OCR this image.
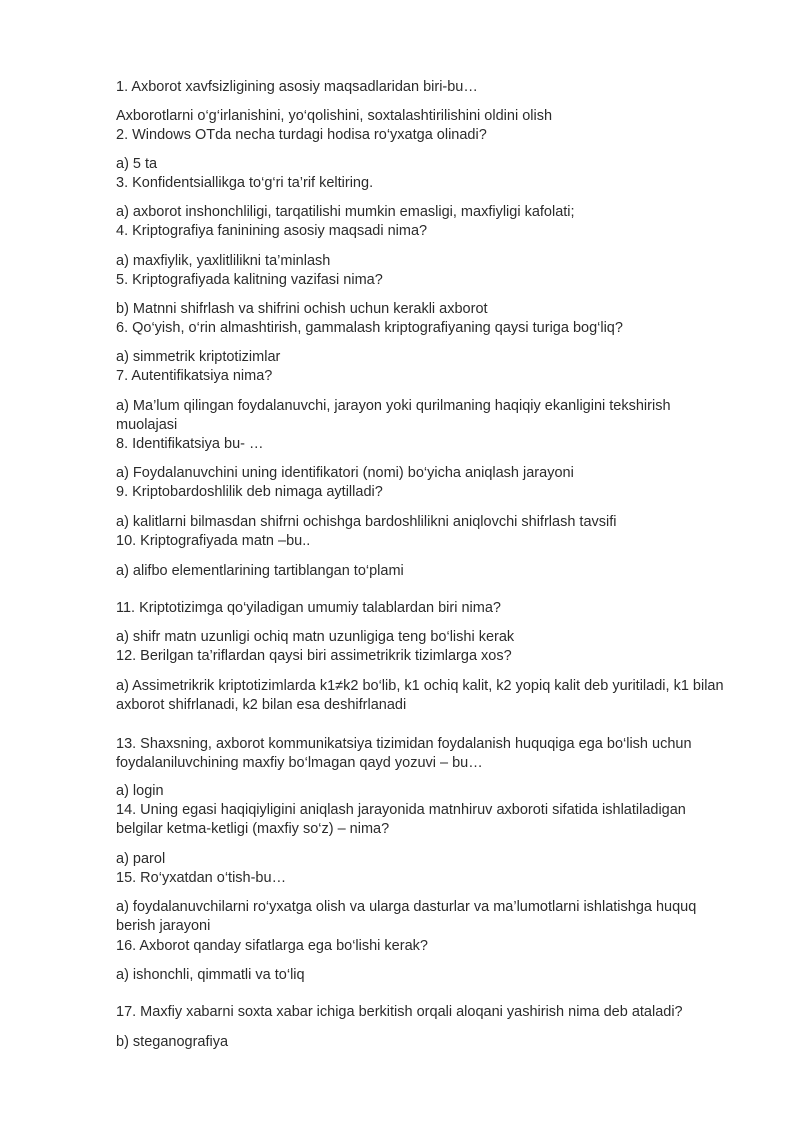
1. Axborot xavfsizligining asosiy maqsadlaridan biri-bu…
Axborotlarni o‘g‘irlanishini, yo‘qolishini, soxtalashtirilishini oldini olish
2. Windows OTda necha turdagi hodisa ro‘yxatga olinadi?
a) 5 ta
3. Konfidentsiallikga to‘g‘ri ta’rif keltiring.
a) axborot inshonchliligi, tarqatilishi mumkin emasligi, maxfiyligi kafolati;
4. Kriptografiya faninining asosiy maqsadi nima?
a) maxfiylik, yaxlitlilikni ta’minlash
5. Kriptografiyada kalitning vazifasi nima?
b) Matnni shifrlash va shifrini ochish uchun kerakli axborot
6. Qo‘yish, o‘rin almashtirish, gammalash kriptografiyaning qaysi turiga bog‘liq?
a) simmetrik kriptotizimlar
7. Autentifikatsiya nima?
a) Ma’lum qilingan foydalanuvchi, jarayon yoki qurilmaning haqiqiy ekanligini tekshirish muolajasi
8. Identifikatsiya bu- …
a) Foydalanuvchini uning identifikatori (nomi) bo‘yicha aniqlash jarayoni
9. Kriptobardoshlilik deb nimaga aytilladi?
a) kalitlarni bilmasdan shifrni ochishga bardoshlilikni aniqlovchi shifrlash tavsifi
10. Kriptografiyada matn –bu..
a) alifbo elementlarining tartiblangan to‘plami
11. Kriptotizimga qo‘yiladigan umumiy talablardan biri nima?
a) shifr matn uzunligi ochiq matn uzunligiga teng bo‘lishi kerak
12. Berilgan ta’riflardan qaysi biri assimetrikrik tizimlarga xos?
a) Assimetrikrik kriptotizimlarda k1≠k2 bo‘lib, k1 ochiq kalit, k2 yopiq kalit deb yuritiladi, k1 bilan axborot shifrlanadi, k2 bilan esa deshifrlanadi
13. Shaxsning, axborot kommunikatsiya tizimidan foydalanish huquqiga ega bo‘lish uchun foydalaniluvchining maxfiy bo‘lmagan qayd yozuvi – bu…
a) login
14. Uning egasi haqiqiyligini aniqlash jarayonida matnhiruv axboroti sifatida ishlatiladigan belgilar ketma-ketligi (maxfiy so‘z) – nima?
a) parol
15. Ro‘yxatdan o‘tish-bu…
a) foydalanuvchilarni ro‘yxatga olish va ularga dasturlar va ma’lumotlarni ishlatishga huquq berish jarayoni
16. Axborot qanday sifatlarga ega bo‘lishi kerak?
a) ishonchli, qimmatli va to‘liq
17. Maxfiy xabarni soxta xabar ichiga berkitish orqali aloqani yashirish nima deb ataladi?
b) steganografiya
